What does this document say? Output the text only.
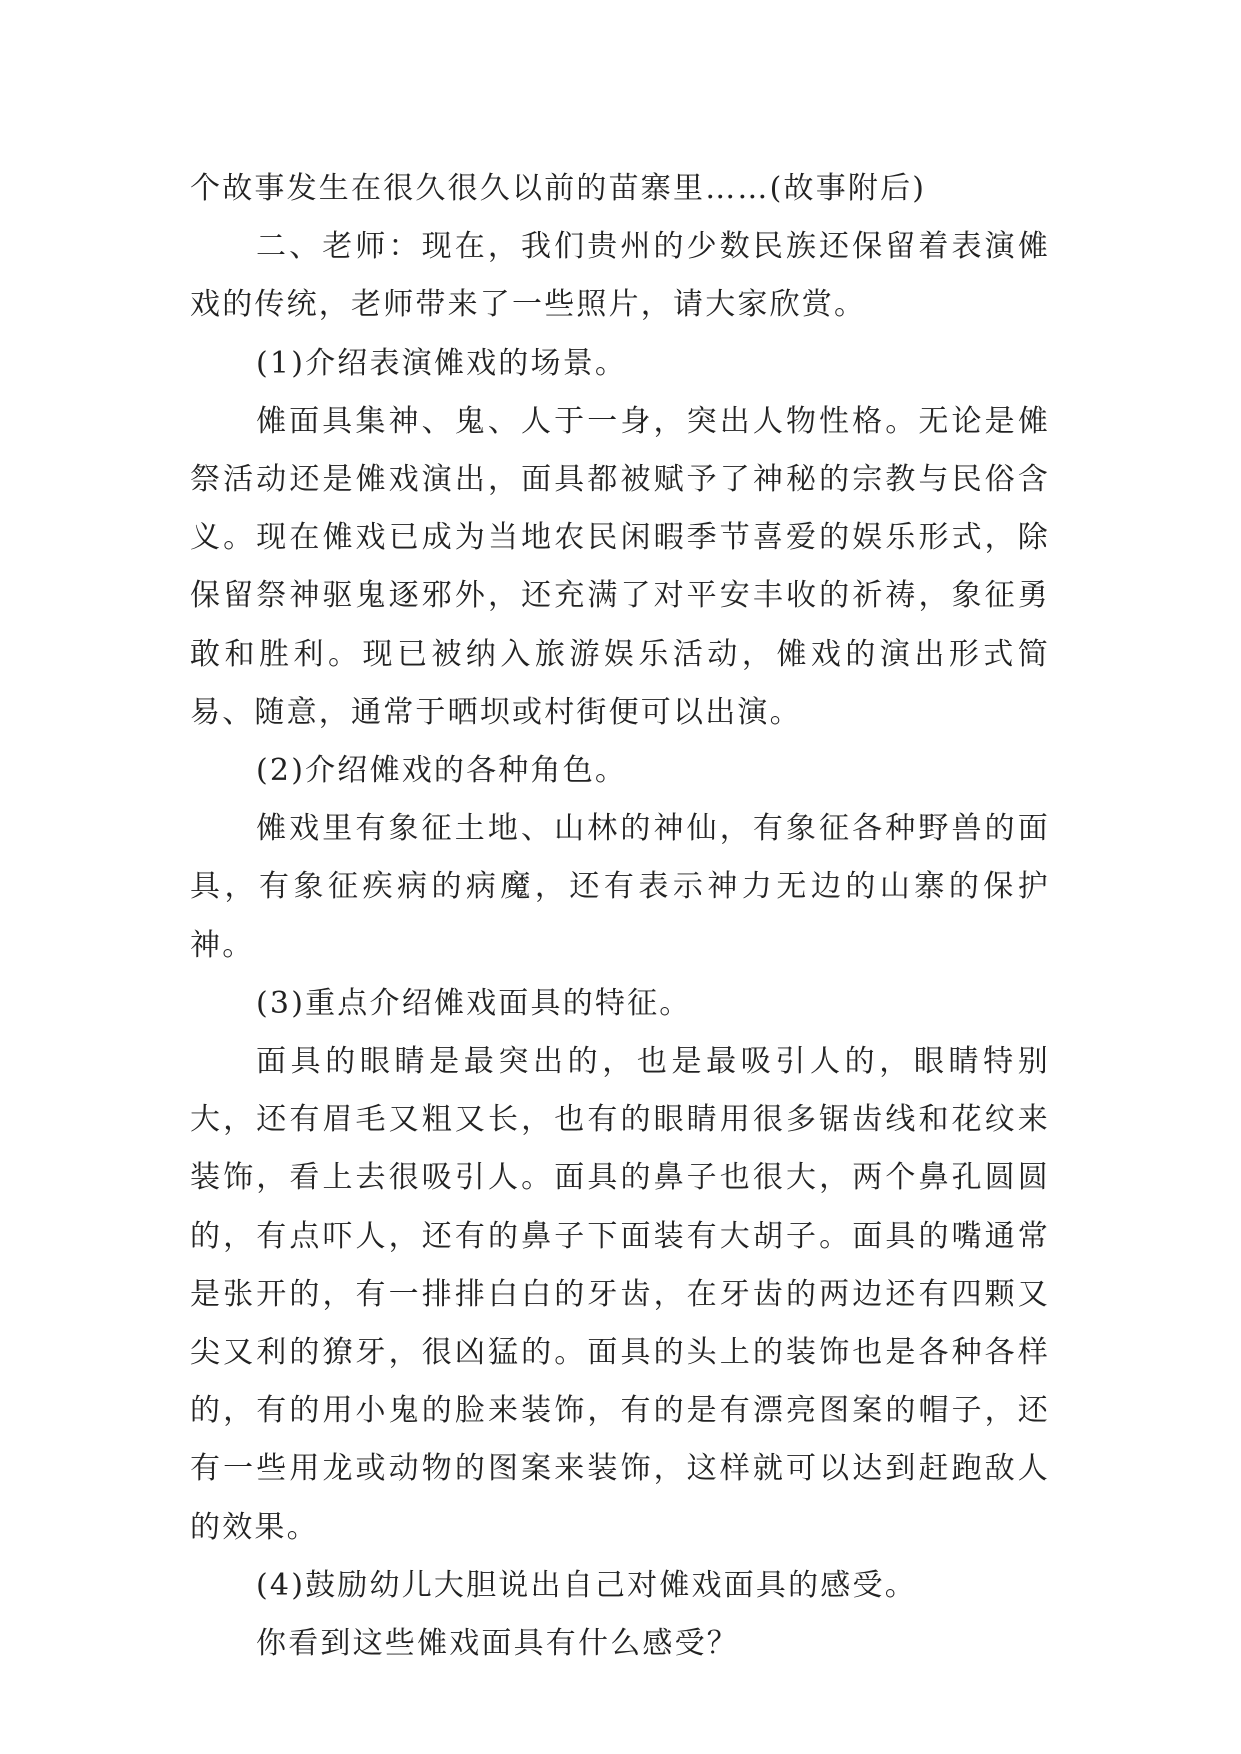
个故事发生在很久很久以前的苗寨里……(故事附后)

二、老师：现在，我们贵州的少数民族还保留着表演傩戏的传统，老师带来了一些照片，请大家欣赏。

(1)介绍表演傩戏的场景。

傩面具集神、鬼、人于一身，突出人物性格。无论是傩祭活动还是傩戏演出，面具都被赋予了神秘的宗教与民俗含义。现在傩戏已成为当地农民闲暇季节喜爱的娱乐形式，除保留祭神驱鬼逐邪外，还充满了对平安丰收的祈祷，象征勇敢和胜利。现已被纳入旅游娱乐活动，傩戏的演出形式简易、随意，通常于晒坝或村街便可以出演。

(2)介绍傩戏的各种角色。

傩戏里有象征土地、山林的神仙，有象征各种野兽的面具，有象征疾病的病魔，还有表示神力无边的山寨的保护神。

(3)重点介绍傩戏面具的特征。

面具的眼睛是最突出的，也是最吸引人的，眼睛特别大，还有眉毛又粗又长，也有的眼睛用很多锯齿线和花纹来装饰，看上去很吸引人。面具的鼻子也很大，两个鼻孔圆圆的，有点吓人，还有的鼻子下面装有大胡子。面具的嘴通常是张开的，有一排排白白的牙齿，在牙齿的两边还有四颗又尖又利的獠牙，很凶猛的。面具的头上的装饰也是各种各样的，有的用小鬼的脸来装饰，有的是有漂亮图案的帽子，还有一些用龙或动物的图案来装饰，这样就可以达到赶跑敌人的效果。

(4)鼓励幼儿大胆说出自己对傩戏面具的感受。

你看到这些傩戏面具有什么感受？
